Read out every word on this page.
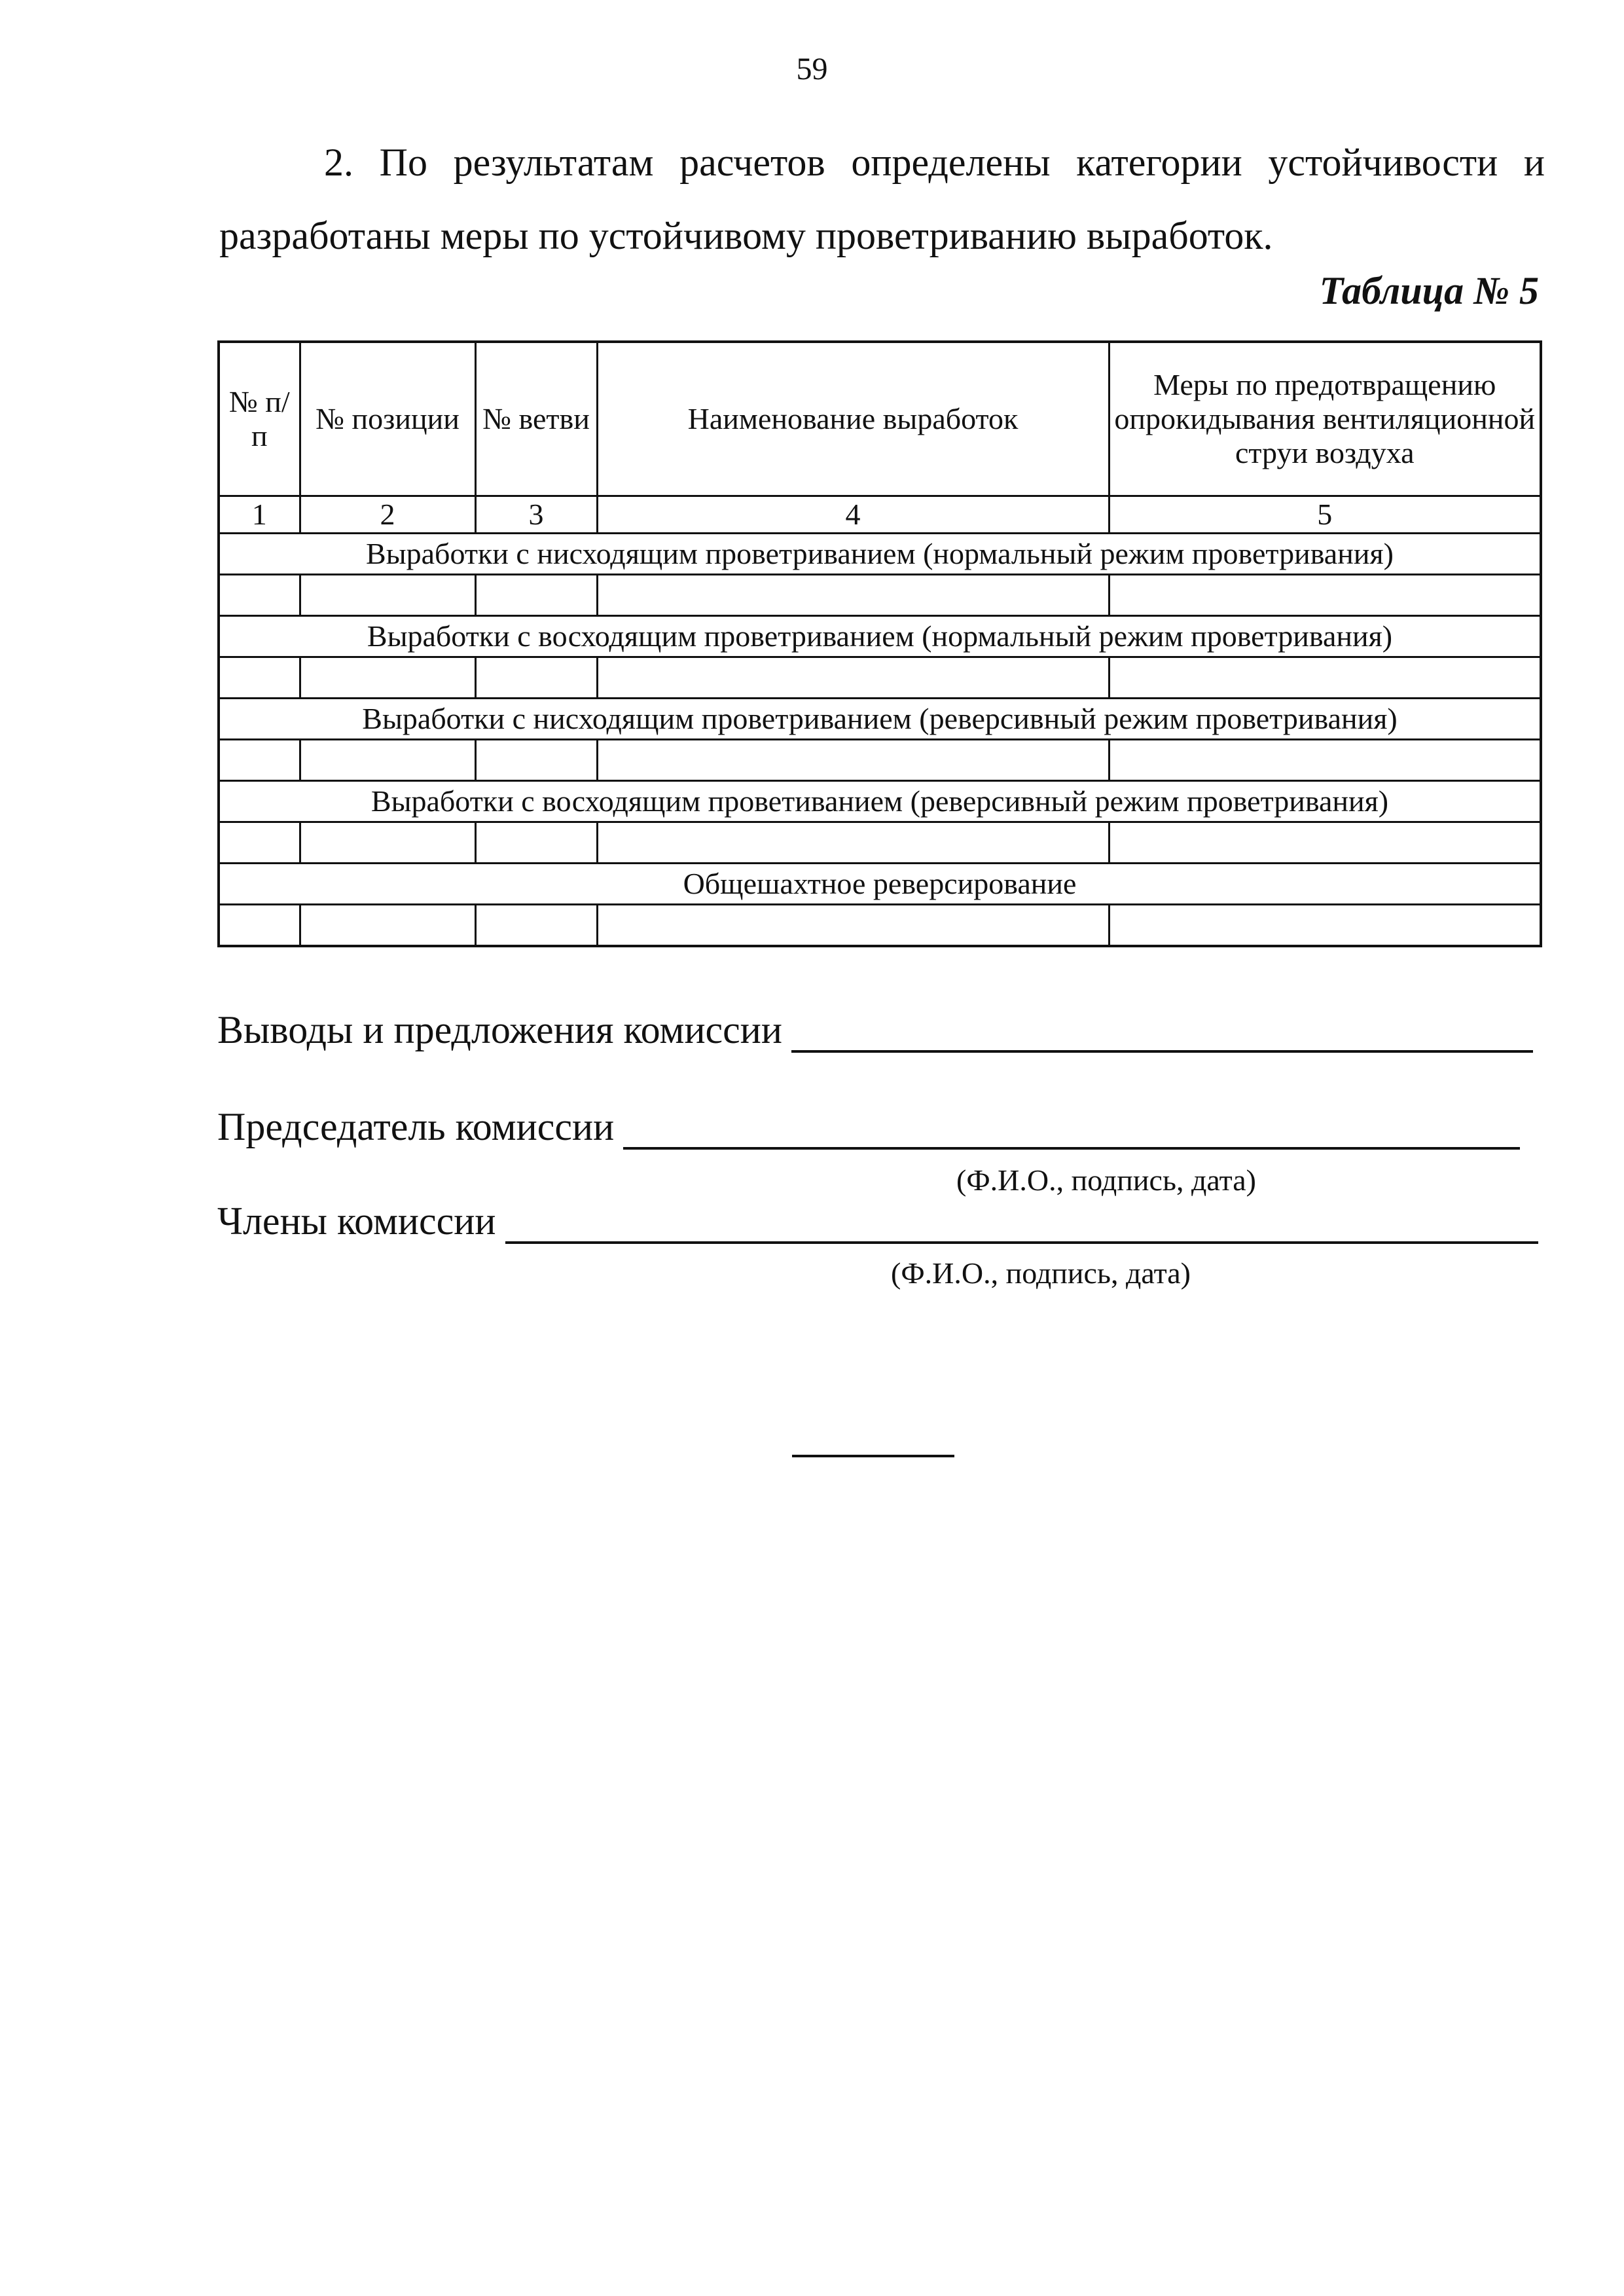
59
2. По результатам расчетов определены категории устойчивости и разработаны меры по устойчивому проветриванию выработок.
Таблица № 5
№ п/п	№ позиции	№ ветви	Наименование выработок	Меры по предотвращению опрокидывания вентиляционной струи воздуха
1	2	3	4	5
Выработки с нисходящим проветриванием (нормальный режим проветривания)				

Выработки с восходящим проветриванием (нормальный режим проветривания)				

Выработки с нисходящим проветриванием (реверсивный режим проветривания)				

Выработки с восходящим проветиванием (реверсивный режим проветривания)				

Общешахтное реверсирование				

Выводы и предложения комиссии
Председатель комиссии
(Ф.И.О., подпись, дата)
Члены комиссии
(Ф.И.О., подпись, дата)
